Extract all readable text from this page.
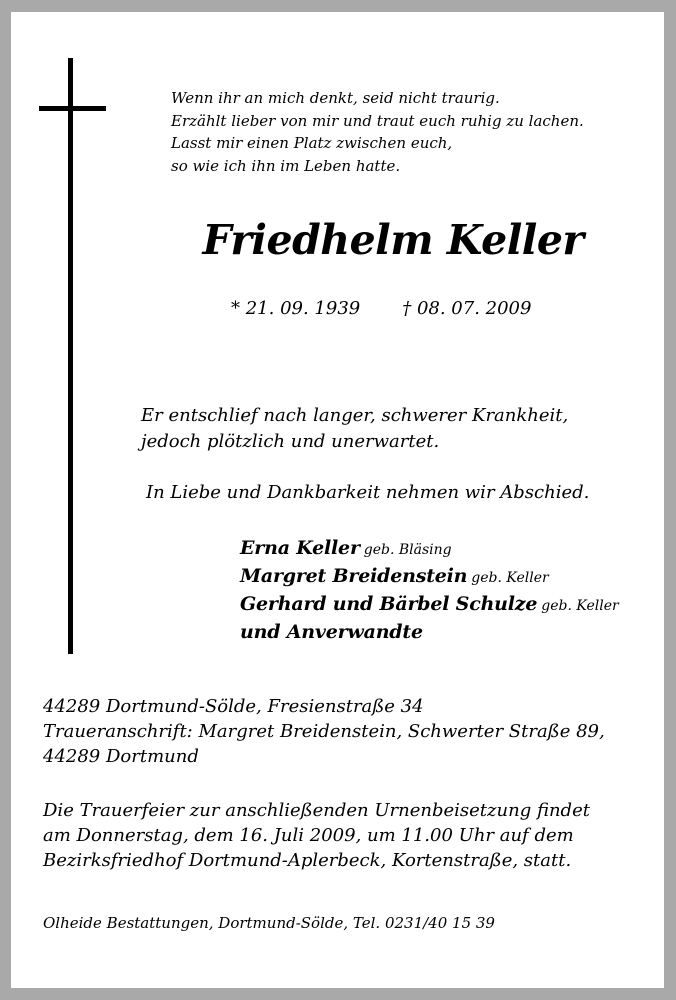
Wenn ihr an mich denkt, seid nicht traurig.
Erzählt lieber von mir und traut euch ruhig zu lachen.
Lasst mir einen Platz zwischen euch,
so wie ich ihn im Leben hatte.
Friedhelm Keller
* 21. 09. 1939 † 08. 07. 2009
Er entschlief nach langer, schwerer Krankheit,
jedoch plötzlich und unerwartet.
In Liebe und Dankbarkeit nehmen wir Abschied.
Erna Keller geb. Bläsing
Margret Breidenstein geb. Keller
Gerhard und Bärbel Schulze geb. Keller
und Anverwandte
44289 Dortmund-Sölde, Fresienstraße 34
Traueranschrift: Margret Breidenstein, Schwerter Straße 89,
44289 Dortmund
Die Trauerfeier zur anschließenden Urnenbeisetzung findet
am Donnerstag, dem 16. Juli 2009, um 11.00 Uhr auf dem
Bezirksfriedhof Dortmund-Aplerbeck, Kortenstraße, statt.
Olheide Bestattungen, Dortmund-Sölde, Tel. 0231/40 15 39
